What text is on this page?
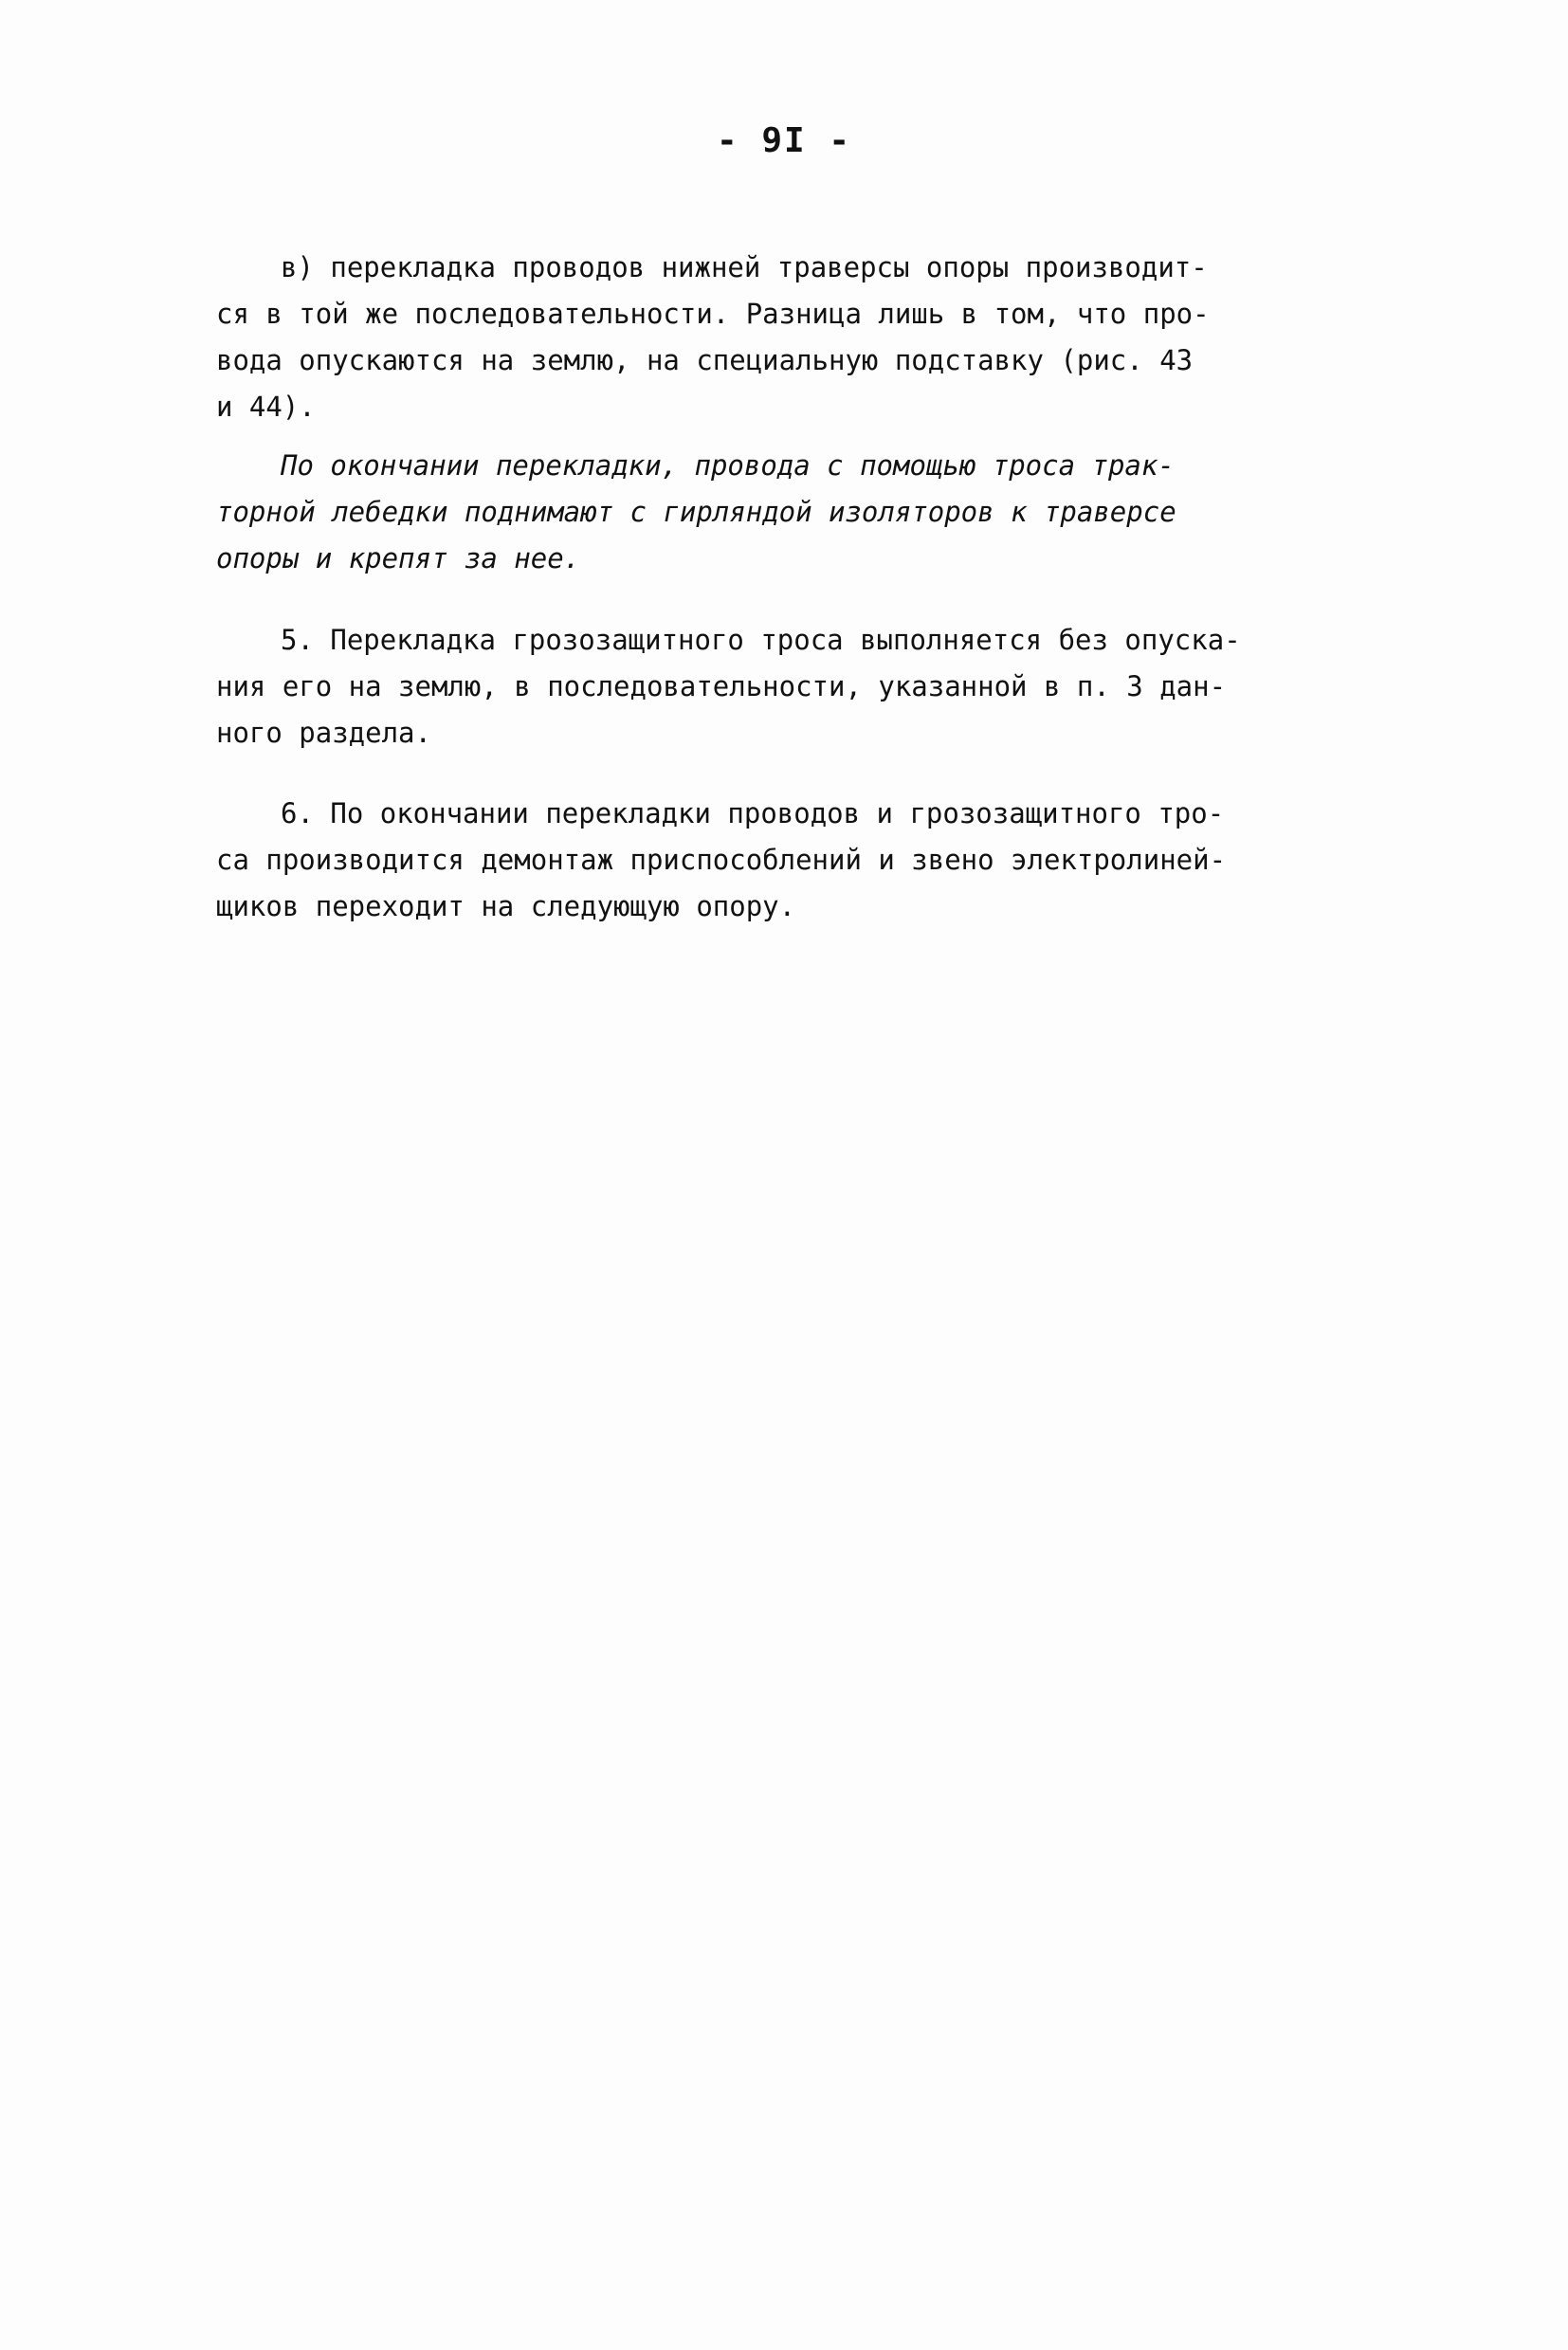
- 9I -
в) перекладка проводов нижней траверсы опоры производит-
ся в той же последовательности. Разница лишь в том, что про-
вода опускаются на землю, на специальную подставку (рис. 43
и 44).
По окончании перекладки, провода с помощью троса трак-
торной лебедки поднимают с гирляндой изоляторов к траверсе
опоры и крепят за нее.
5. Перекладка грозозащитного троса выполняется без опуска-
ния его на землю, в последовательности, указанной в п. 3 дан-
ного раздела.
6. По окончании перекладки проводов и грозозащитного тро-
са производится демонтаж приспособлений и звено электролиней-
щиков переходит на следующую опору.
